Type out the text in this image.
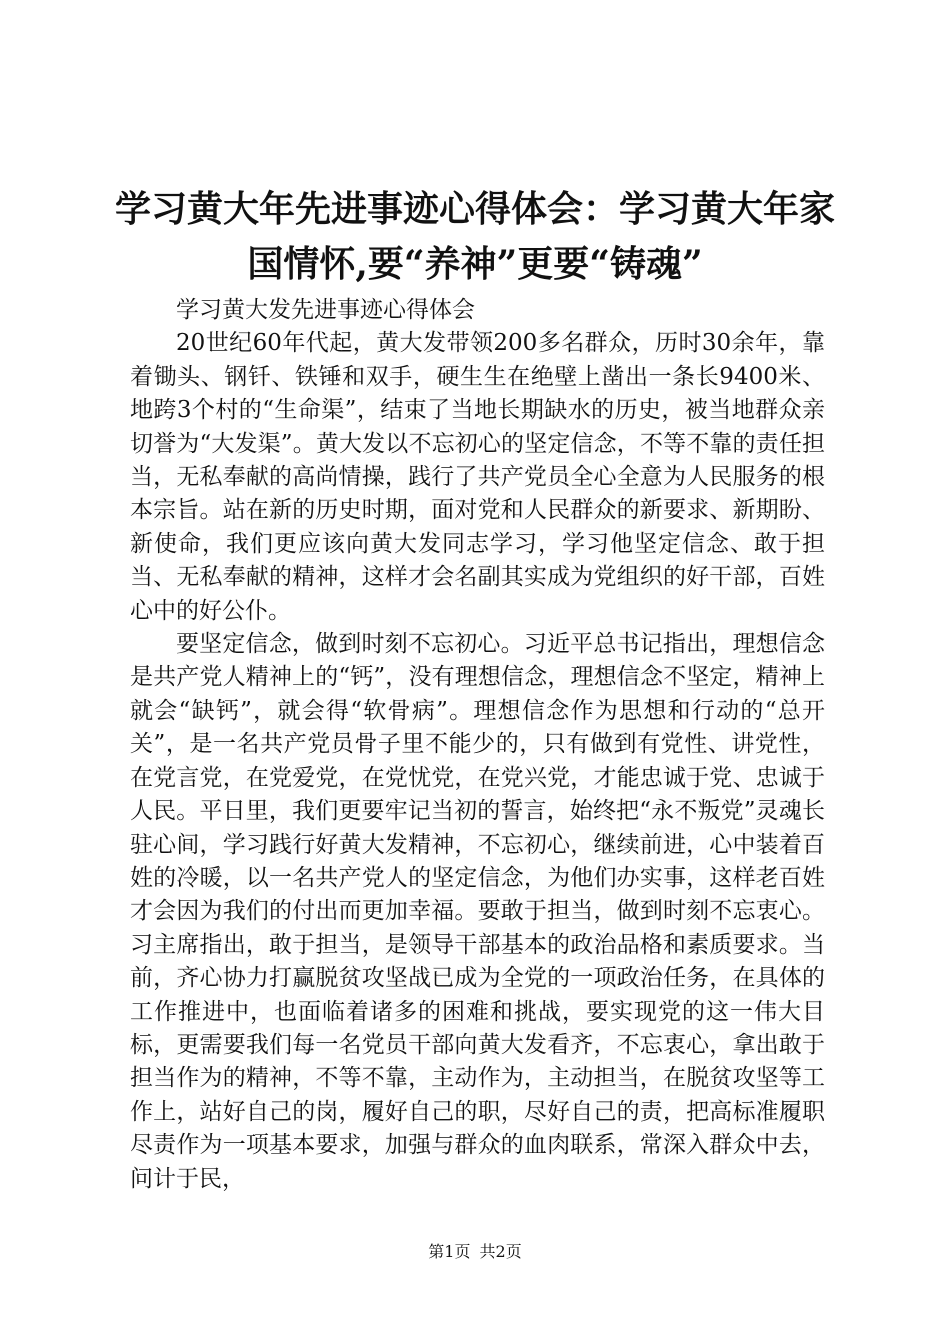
学习黄大年先进事迹心得体会：学习黄大年家
国情怀,要“养神”更要“铸魂”

学习黄大发先进事迹心得体会

20世纪60年代起，黄大发带领200多名群众，历时30余年，靠着锄头、钢钎、铁锤和双手，硬生生在绝壁上凿出一条长9400米、地跨3个村的“生命渠”，结束了当地长期缺水的历史，被当地群众亲切誉为“大发渠”。黄大发以不忘初心的坚定信念，不等不靠的责任担当，无私奉献的高尚情操，践行了共产党员全心全意为人民服务的根本宗旨。站在新的历史时期，面对党和人民群众的新要求、新期盼、新使命，我们更应该向黄大发同志学习，学习他坚定信念、敢于担当、无私奉献的精神，这样才会名副其实成为党组织的好干部，百姓心中的好公仆。

要坚定信念，做到时刻不忘初心。习近平总书记指出，理想信念是共产党人精神上的“钙”，没有理想信念，理想信念不坚定，精神上就会“缺钙”，就会得“软骨病”。理想信念作为思想和行动的“总开关”，是一名共产党员骨子里不能少的，只有做到有党性、讲党性，在党言党，在党爱党，在党忧党，在党兴党，才能忠诚于党、忠诚于人民。平日里，我们更要牢记当初的誓言，始终把“永不叛党”灵魂长驻心间，学习践行好黄大发精神，不忘初心，继续前进，心中装着百姓的冷暖，以一名共产党人的坚定信念，为他们办实事，这样老百姓才会因为我们的付出而更加幸福。要敢于担当，做到时刻不忘衷心。习主席指出，敢于担当，是领导干部基本的政治品格和素质要求。当前，齐心协力打赢脱贫攻坚战已成为全党的一项政治任务，在具体的工作推进中，也面临着诸多的困难和挑战，要实现党的这一伟大目标，更需要我们每一名党员干部向黄大发看齐，不忘衷心，拿出敢于担当作为的精神，不等不靠，主动作为，主动担当，在脱贫攻坚等工作上，站好自己的岗，履好自己的职，尽好自己的责，把高标准履职尽责作为一项基本要求，加强与群众的血肉联系，常深入群众中去，问计于民，

第1页 共2页
